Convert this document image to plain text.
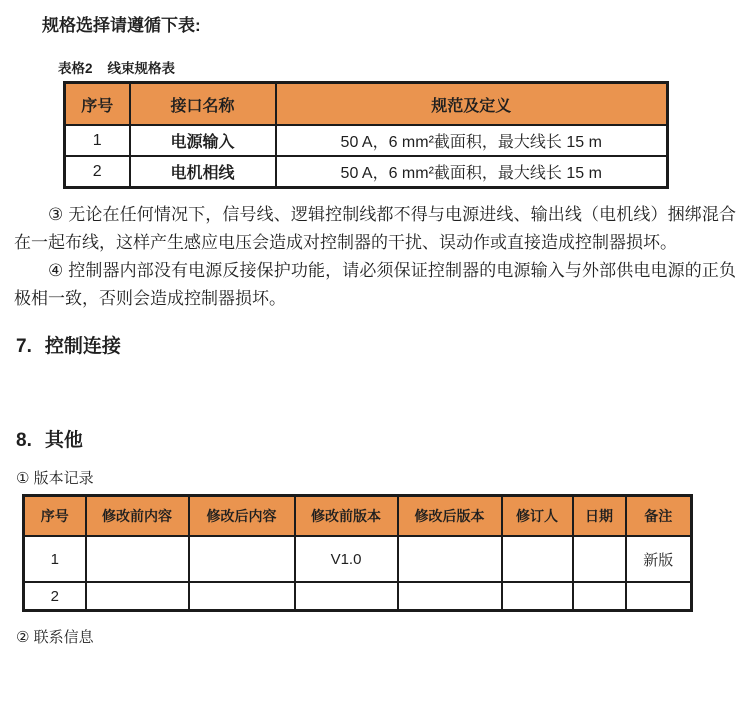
规格选择请遵循下表:

表格2 线束规格表

序号	接口名称	规范及定义
1	电源输入	50 A，6 mm²截面积，最大线长 15 m
2	电机相线	50 A，6 mm²截面积，最大线长 15 m

③ 无论在任何情况下，信号线、逻辑控制线都不得与电源进线、输出线（电机线）捆绑混合在一起布线，这样产生感应电压会造成对控制器的干扰、误动作或直接造成控制器损坏。

④ 控制器内部没有电源反接保护功能，请必须保证控制器的电源输入与外部供电电源的正负极相一致，否则会造成控制器损坏。

7. 控制连接
8. 其他

① 版本记录

序号	修改前内容	修改后内容	修改前版本	修改后版本	修订人	日期	备注
1			V1.0				新版
2							

② 联系信息
